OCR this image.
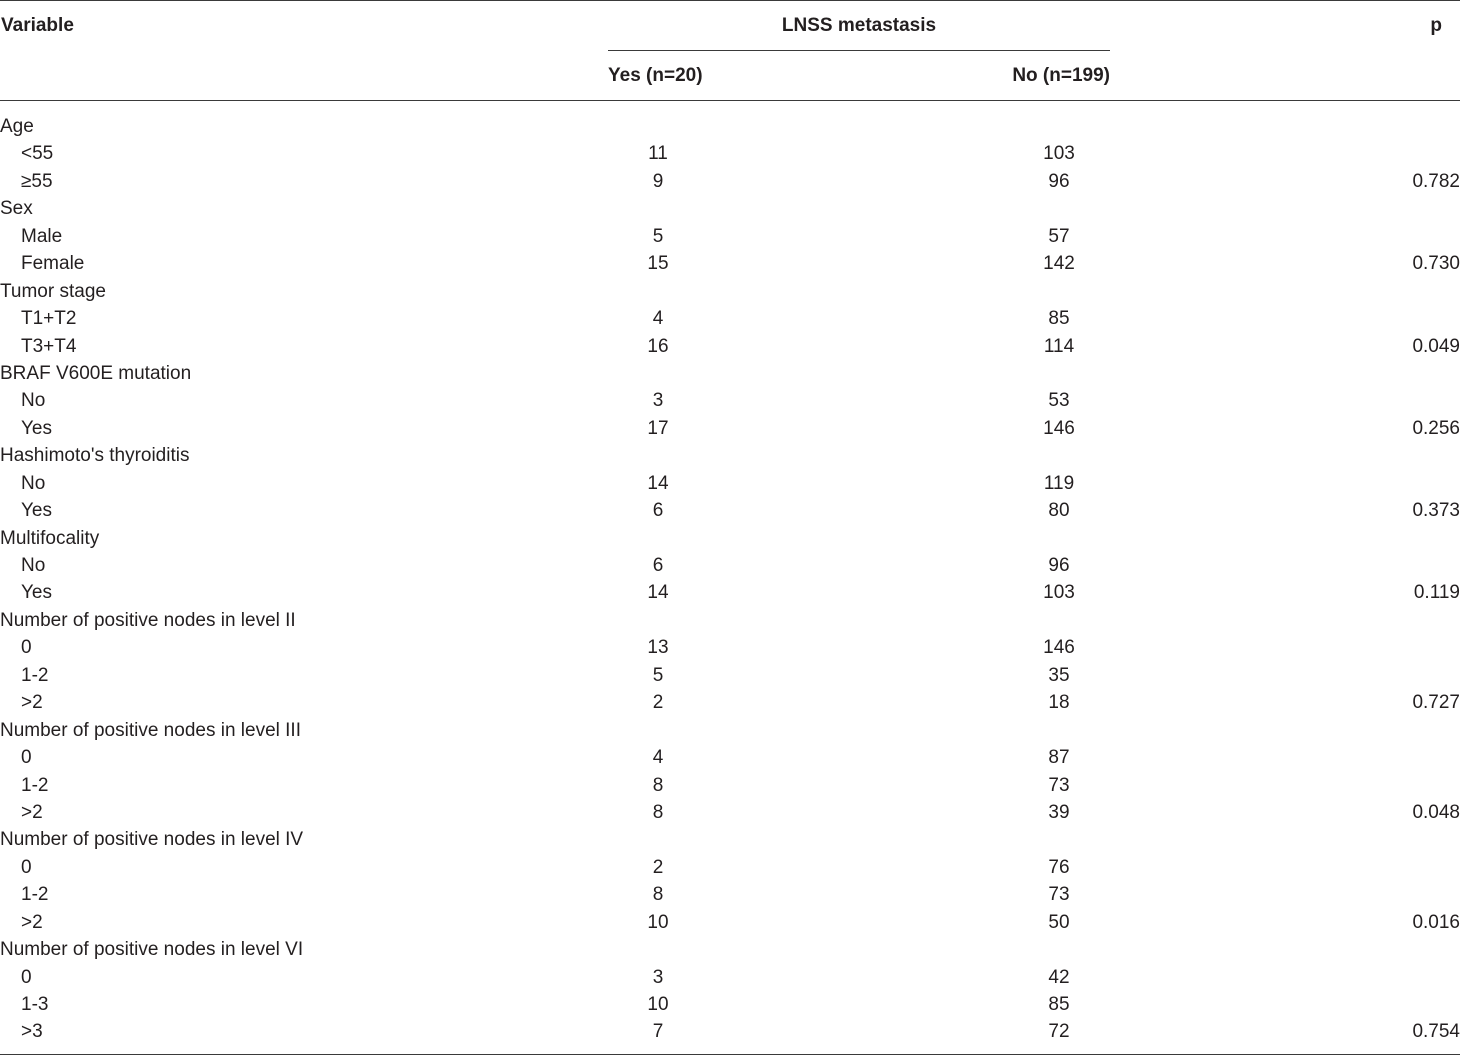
Variable	LNSS metastasis	p
Yes (n=20)	No (n=199)
Age
<55	11	103
≥55	9	96	0.782
Sex
Male	5	57
Female	15	142	0.730
Tumor stage
T1+T2	4	85
T3+T4	16	114	0.049
BRAF V600E mutation
No	3	53
Yes	17	146	0.256
Hashimoto's thyroiditis
No	14	119
Yes	6	80	0.373
Multifocality
No	6	96
Yes	14	103	0.119
Number of positive nodes in level II
0	13	146
1-2	5	35
>2	2	18	0.727
Number of positive nodes in level III
0	4	87
1-2	8	73
>2	8	39	0.048
Number of positive nodes in level IV
0	2	76
1-2	8	73
>2	10	50	0.016
Number of positive nodes in level VI
0	3	42
1-3	10	85
>3	7	72	0.754
